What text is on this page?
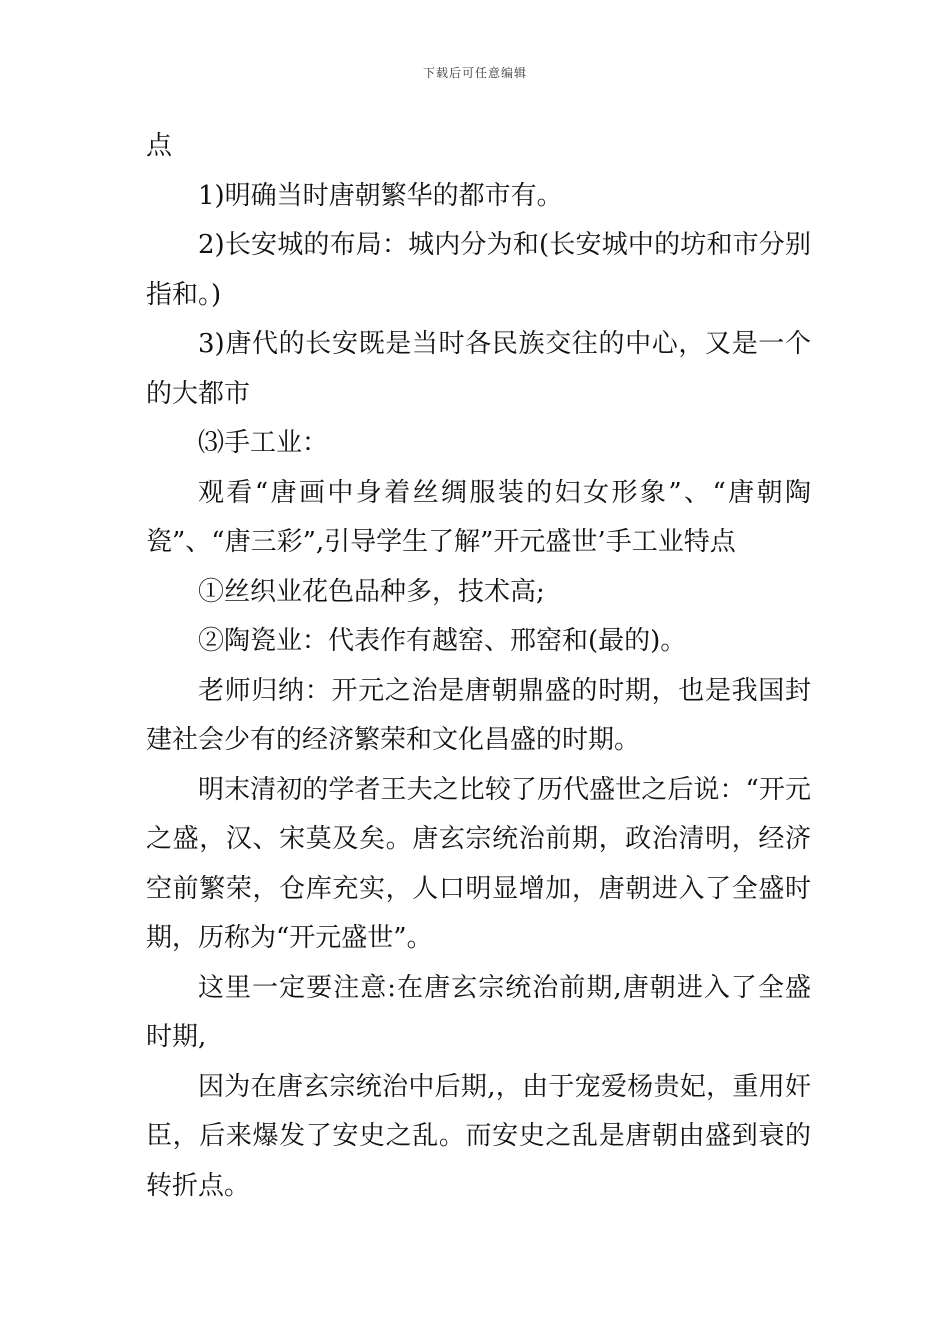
下载后可任意编辑

点

1)明确当时唐朝繁华的都市有。

2)长安城的布局：城内分为和(长安城中的坊和市分别指和。)

3)唐代的长安既是当时各民族交往的中心，又是一个的大都市

⑶手工业：

观看“唐画中身着丝绸服装的妇女形象”、“唐朝陶瓷”、“唐三彩”,引导学生了解”开元盛世’手工业特点

①丝织业花色品种多，技术高;

②陶瓷业：代表作有越窑、邢窑和(最的)。

老师归纳：开元之治是唐朝鼎盛的时期，也是我国封建社会少有的经济繁荣和文化昌盛的时期。

明末清初的学者王夫之比较了历代盛世之后说：“开元之盛，汉、宋莫及矣。唐玄宗统治前期，政治清明，经济空前繁荣，仓库充实，人口明显增加，唐朝进入了全盛时期，历称为“开元盛世”。

这里一定要注意:在唐玄宗统治前期,唐朝进入了全盛时期,

因为在唐玄宗统治中后期,，由于宠爱杨贵妃，重用奸臣，后来爆发了安史之乱。而安史之乱是唐朝由盛到衰的转折点。
